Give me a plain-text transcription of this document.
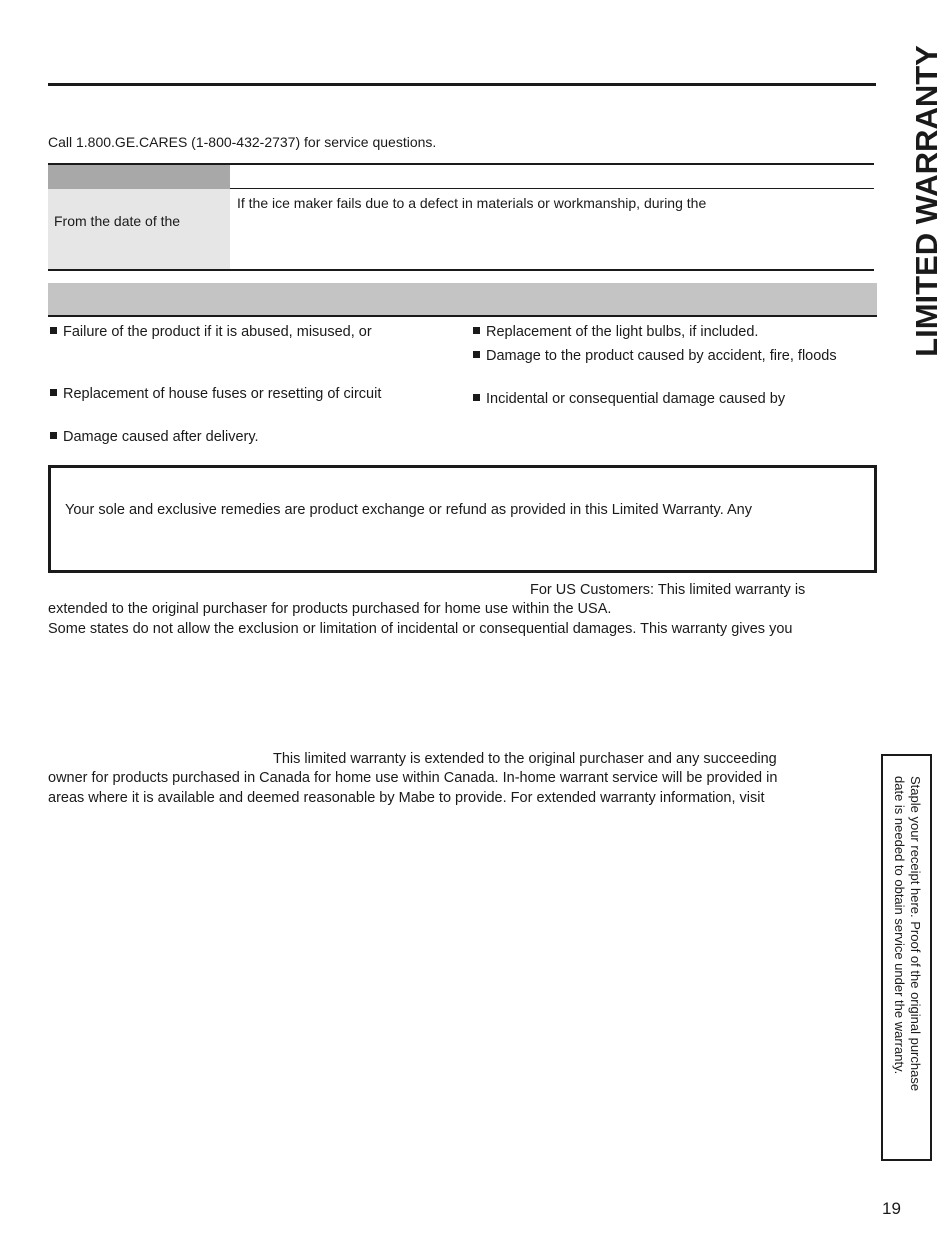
Call 1.800.GE.CARES (1-800-432-2737) for service questions.
From the date of the
If the ice maker fails due to a defect in materials or workmanship, during the
Failure of the product if it is abused, misused, or
Replacement of house fuses or resetting of circuit
Damage caused after delivery.
Replacement of the light bulbs, if included.
Damage to the product caused by accident, fire, floods
Incidental or consequential damage caused by
Your sole and exclusive remedies are product exchange or refund as provided in this Limited Warranty. Any
For US Customers: This limited warranty is
extended to the original purchaser for products purchased for home use within the USA.
Some states do not allow the exclusion or limitation of incidental or consequential damages. This warranty gives you
This limited warranty is extended to the original purchaser and any succeeding
owner for products purchased in Canada for home use within Canada. In-home warrant service will be provided in
areas where it is available and deemed reasonable by Mabe to provide. For extended warranty information, visit
LIMITED WARRANTY
Staple your receipt here. Proof of the original purchase
date is needed to obtain service under the warranty.
19
